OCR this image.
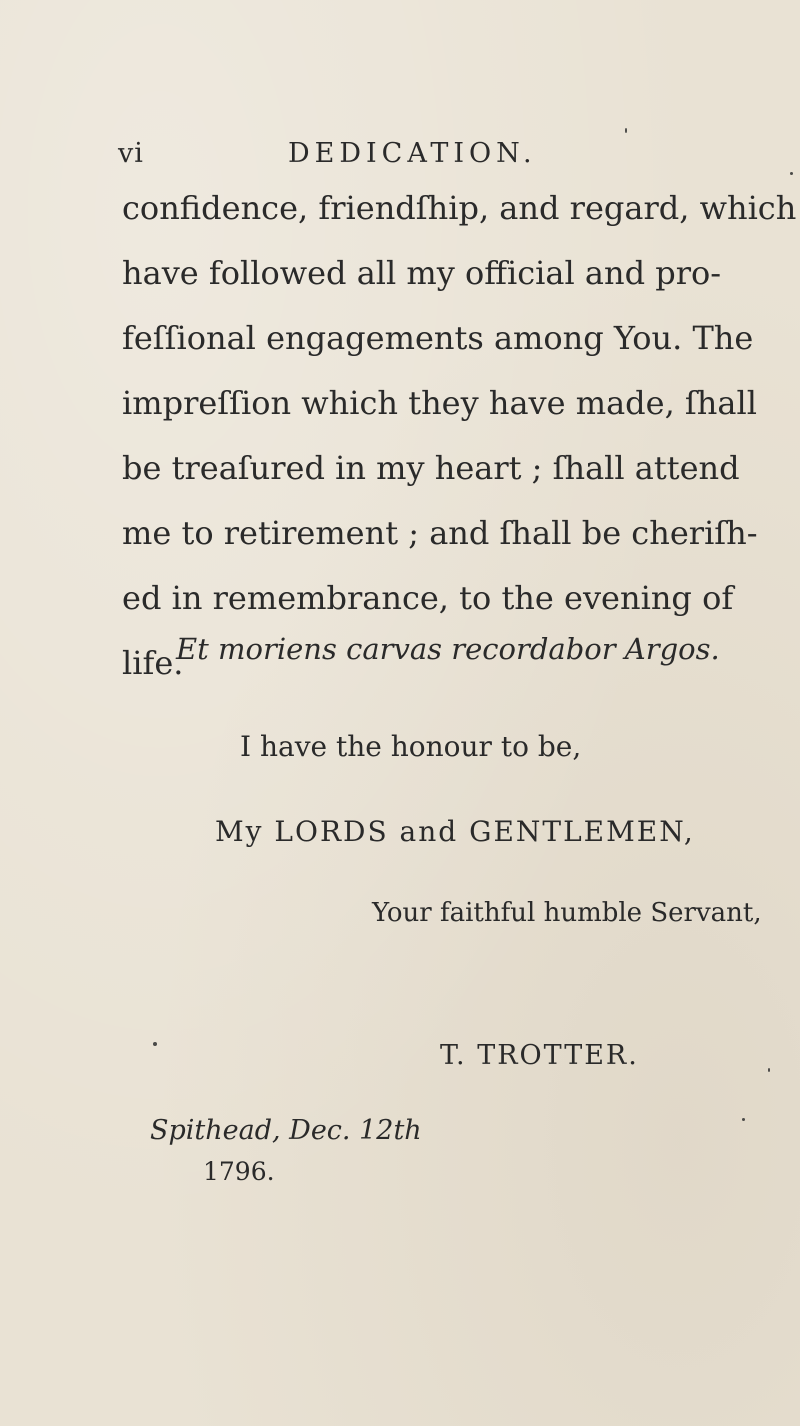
vi	DEDICATION.
confidence, friendſhip, and regard, which
have followed all my official and pro-
feſſional engagements among You. The
impreſſion which they have made, ſhall
be treaſured in my heart ; ſhall attend
me to retirement ; and ſhall be cheriſh-
ed in remembrance, to the evening of
life.
Et moriens carvas recordabor Argos.
I have the honour to be,
My LORDS and GENTLEMEN,
Your faithful humble Servant,
T. TROTTER.
Spithead, Dec. 12th
1796.
